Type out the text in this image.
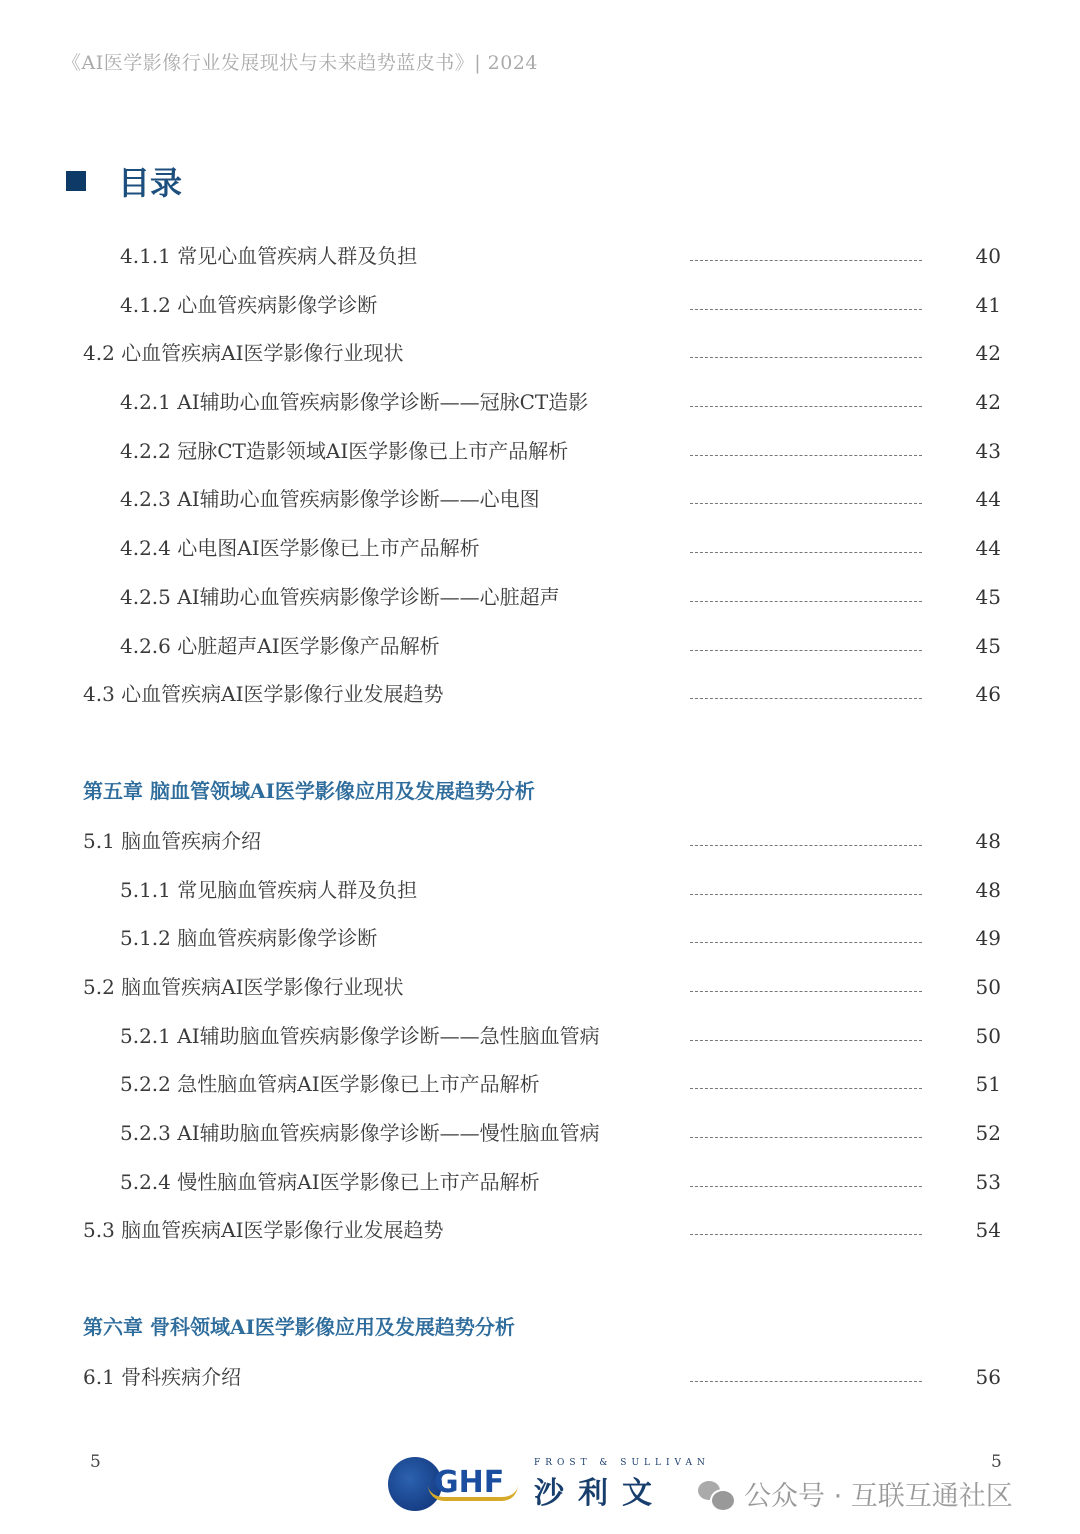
《AI医学影像行业发展现状与未来趋势蓝皮书》| 2024
目录
4.1.1 常见心血管疾病人群及负担	40
4.1.2 心血管疾病影像学诊断	41
4.2 心血管疾病AI医学影像行业现状	42
4.2.1 AI辅助心血管疾病影像学诊断——冠脉CT造影	42
4.2.2 冠脉CT造影领域AI医学影像已上市产品解析	43
4.2.3 AI辅助心血管疾病影像学诊断——心电图	44
4.2.4 心电图AI医学影像已上市产品解析	44
4.2.5 AI辅助心血管疾病影像学诊断——心脏超声	45
4.2.6 心脏超声AI医学影像产品解析	45
4.3 心血管疾病AI医学影像行业发展趋势	46
第五章 脑血管领域AI医学影像应用及发展趋势分析
5.1 脑血管疾病介绍	48
5.1.1 常见脑血管疾病人群及负担	48
5.1.2 脑血管疾病影像学诊断	49
5.2 脑血管疾病AI医学影像行业现状	50
5.2.1 AI辅助脑血管疾病影像学诊断——急性脑血管病	50
5.2.2 急性脑血管病AI医学影像已上市产品解析	51
5.2.3 AI辅助脑血管疾病影像学诊断——慢性脑血管病	52
5.2.4 慢性脑血管病AI医学影像已上市产品解析	53
5.3 脑血管疾病AI医学影像行业发展趋势	54
第六章 骨科领域AI医学影像应用及发展趋势分析
6.1 骨科疾病介绍	56
5	5
GHF
FROST & SULLIVAN
沙利文	公众号 · 互联互通社区
